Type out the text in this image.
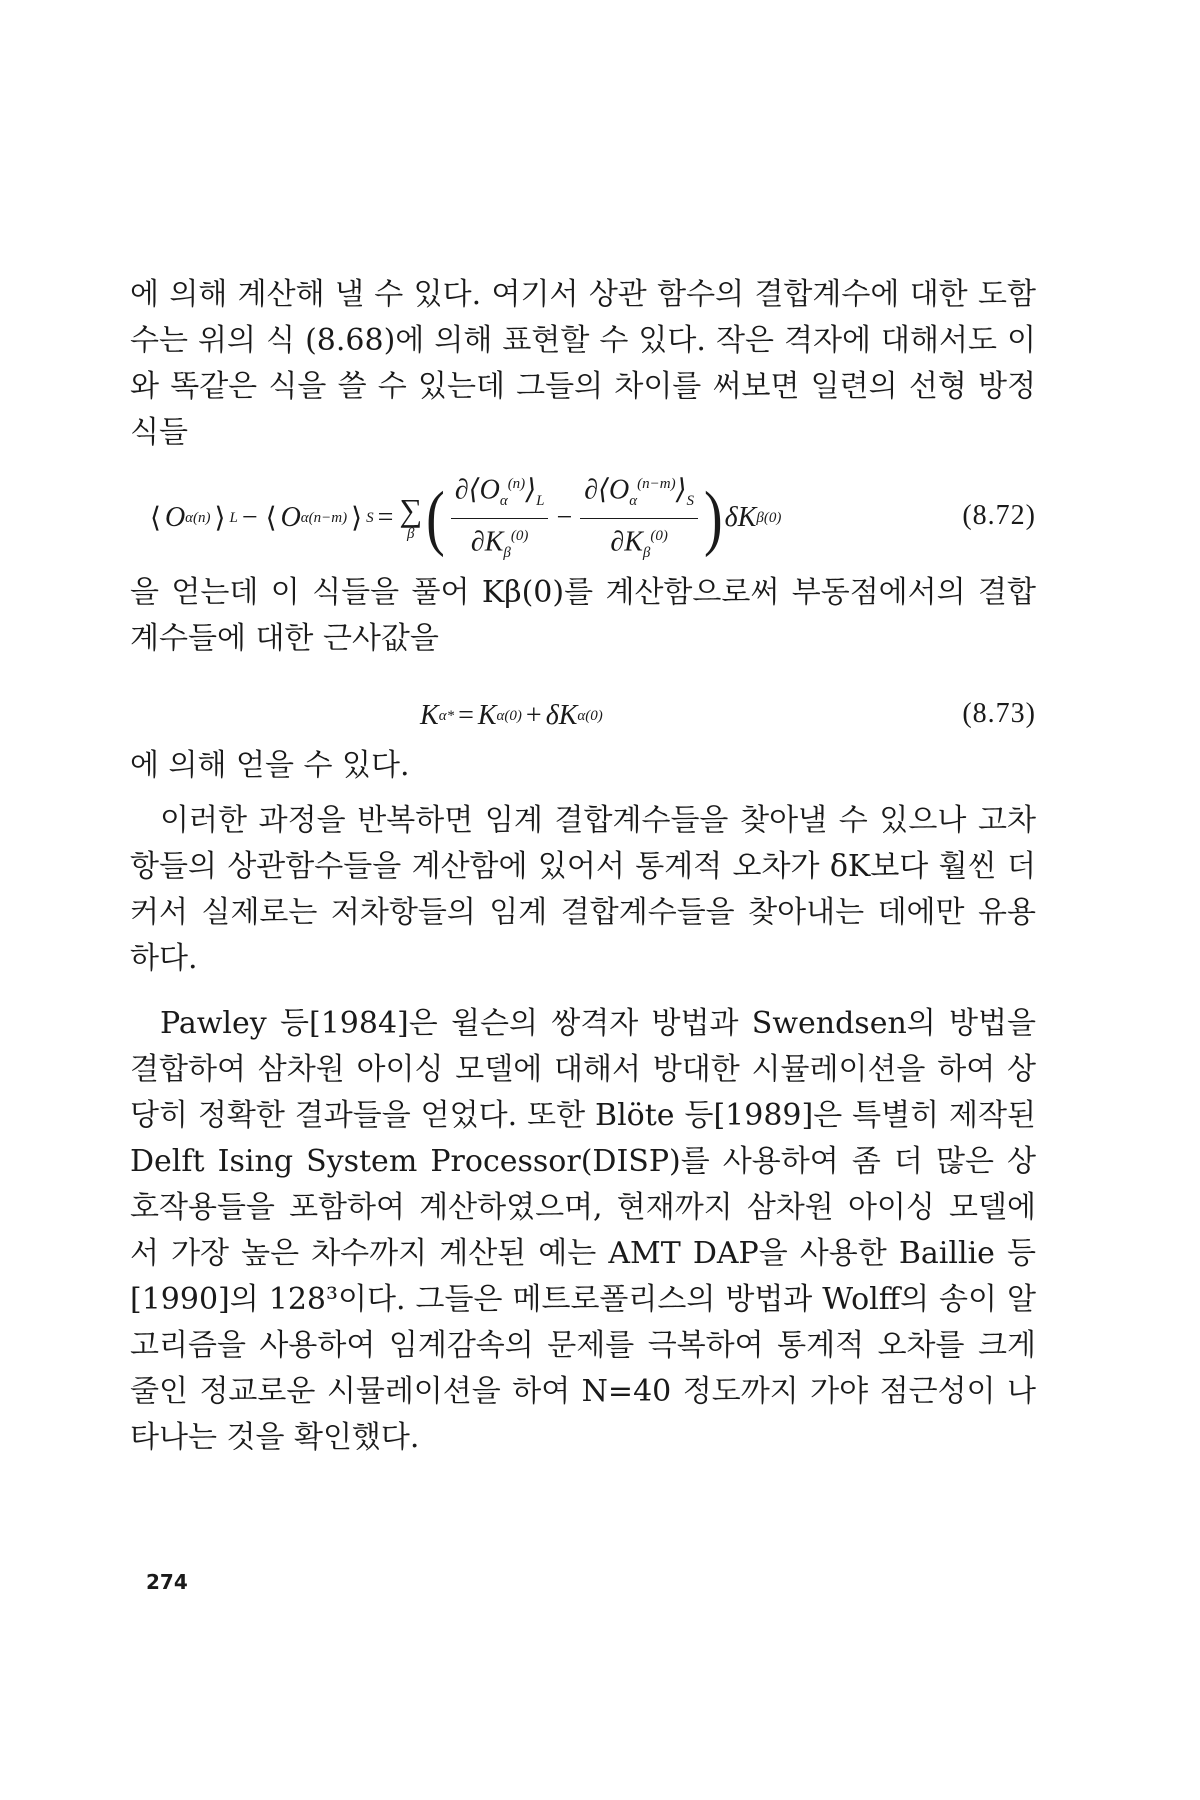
에 의해 계산해 낼 수 있다. 여기서 상관 함수의 결합계수에 대한 도함수는 위의 식 (8.68)에 의해 표현할 수 있다. 작은 격자에 대해서도 이와 똑같은 식을 쓸 수 있는데 그들의 차이를 써보면 일련의 선형 방정식들

⟨ O α (n) ⟩ L − ⟨ O α (n−m) ⟩ S = ∑
β ( $\frac{\partial⟨O_\alpha^{(n)}⟩_L}{\partial K_\beta^{(0)}} - \frac{\partial⟨O_\alpha^{(n-m)}⟩_S}{\partial K_\beta^{(0)}}$ ) δK β (0)	(8.72)

을 얻는데 이 식들을 풀어 Kβ(0)를 계산함으로써 부동점에서의 결합계수들에 대한 근사값을

K α * = K α (0) + δK α (0)	(8.73)

에 의해 얻을 수 있다.

이러한 과정을 반복하면 임계 결합계수들을 찾아낼 수 있으나 고차항들의 상관함수들을 계산함에 있어서 통계적 오차가 δK보다 훨씬 더 커서 실제로는 저차항들의 임계 결합계수들을 찾아내는 데에만 유용하다.

Pawley 등[1984]은 윌슨의 쌍격자 방법과 Swendsen의 방법을 결합하여 삼차원 아이싱 모델에 대해서 방대한 시뮬레이션을 하여 상당히 정확한 결과들을 얻었다. 또한 Blöte 등[1989]은 특별히 제작된 Delft Ising System Processor(DISP)를 사용하여 좀 더 많은 상호작용들을 포함하여 계산하였으며, 현재까지 삼차원 아이싱 모델에서 가장 높은 차수까지 계산된 예는 AMT DAP을 사용한 Baillie 등[1990]의 128³이다. 그들은 메트로폴리스의 방법과 Wolff의 송이 알고리즘을 사용하여 임계감속의 문제를 극복하여 통계적 오차를 크게 줄인 정교로운 시뮬레이션을 하여 N=40 정도까지 가야 점근성이 나타나는 것을 확인했다.

274
